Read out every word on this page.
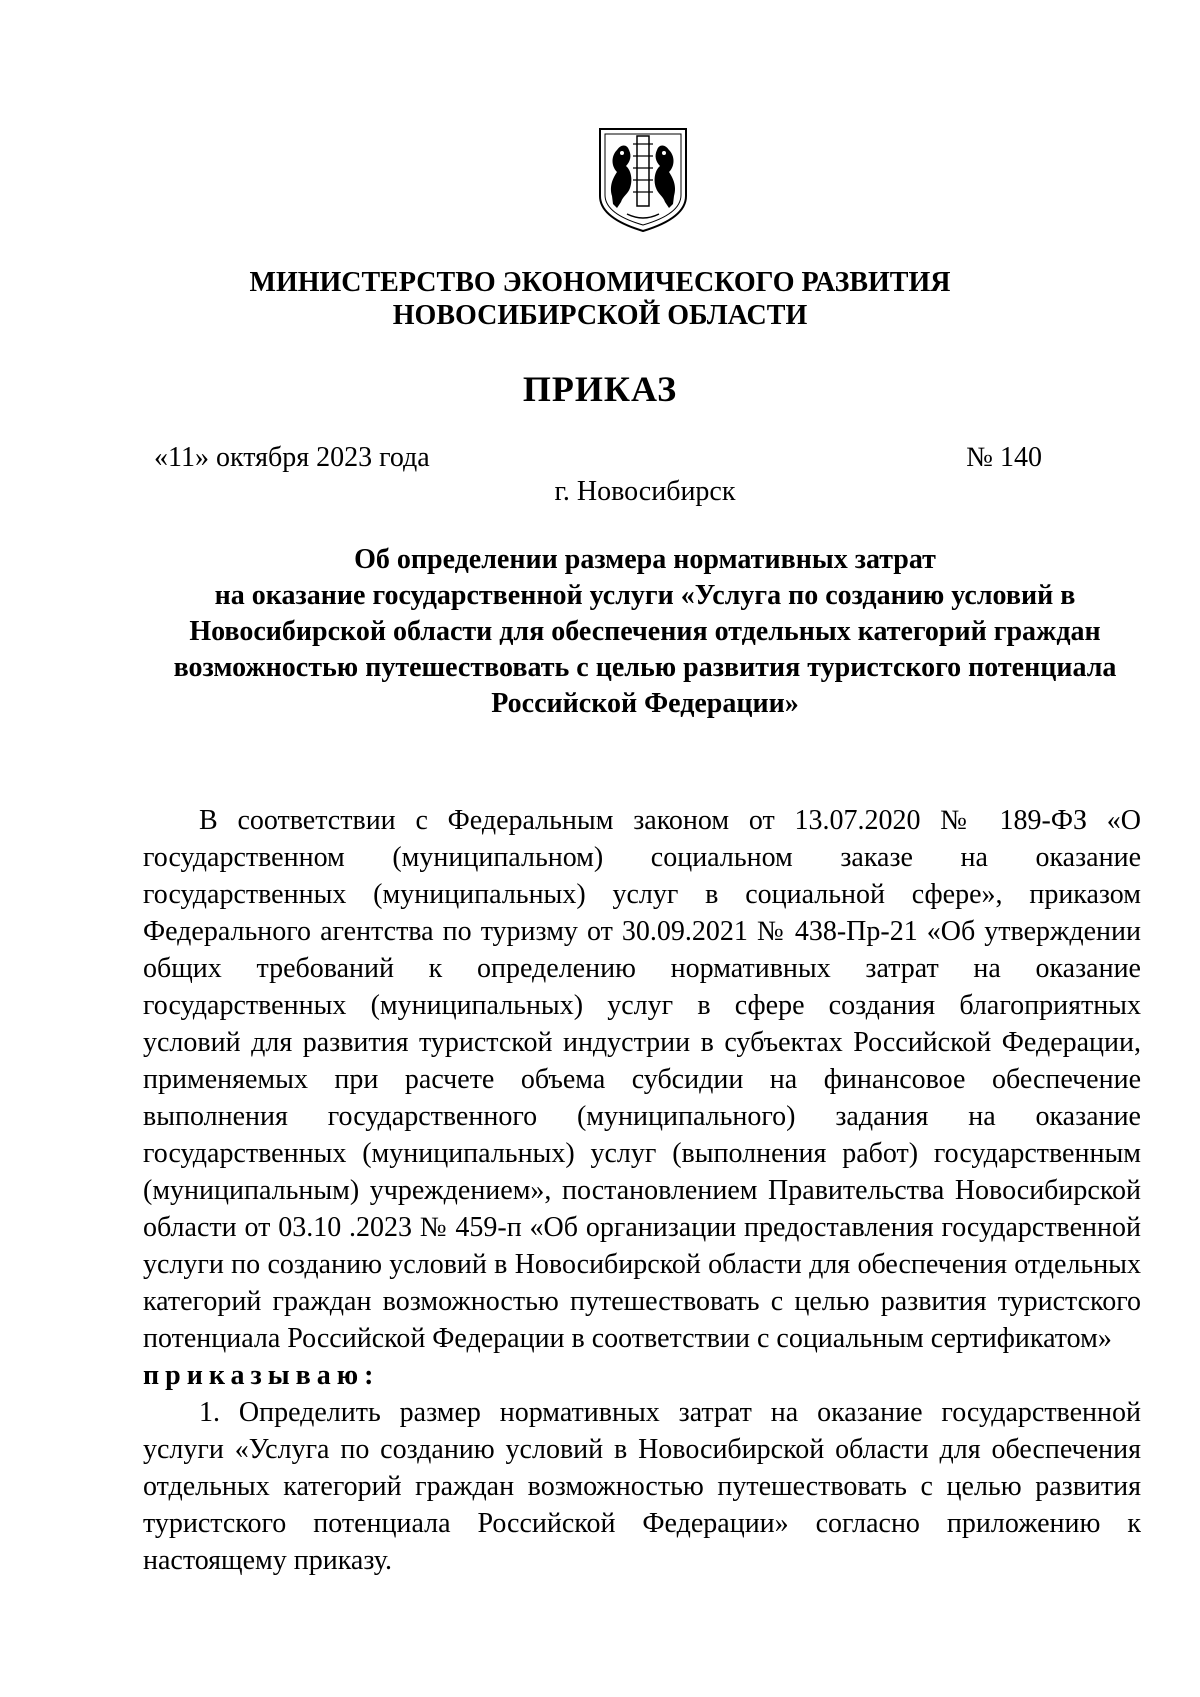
МИНИСТЕРСТВО ЭКОНОМИЧЕСКОГО РАЗВИТИЯ
НОВОСИБИРСКОЙ ОБЛАСТИ
ПРИКАЗ
«11» октября 2023 года	№ 140
г. Новосибирск
Об определении размера нормативных затрат
на оказание государственной услуги «Услуга по созданию условий в
Новосибирской области для обеспечения отдельных категорий граждан
возможностью путешествовать с целью развития туристского потенциала
Российской Федерации»

В соответствии с Федеральным законом от 13.07.2020 № 189-ФЗ «О государственном (муниципальном) социальном заказе на оказание государственных (муниципальных) услуг в социальной сфере», приказом Федерального агентства по туризму от 30.09.2021 № 438-Пр-21 «Об утверждении общих требований к определению нормативных затрат на оказание государственных (муниципальных) услуг в сфере создания благоприятных условий для развития туристской индустрии в субъектах Российской Федерации, применяемых при расчете объема субсидии на финансовое обеспечение выполнения государственного (муниципального) задания на оказание государственных (муниципальных) услуг (выполнения работ) государственным (муниципальным) учреждением», постановлением Правительства Новосибирской области от 03.10 .2023 № 459-п «Об организации предоставления государственной услуги по созданию условий в Новосибирской области для обеспечения отдельных категорий граждан возможностью путешествовать с целью развития туристского потенциала Российской Федерации в соответствии с социальным сертификатом»

приказываю:

1. Определить размер нормативных затрат на оказание государственной услуги «Услуга по созданию условий в Новосибирской области для обеспечения отдельных категорий граждан возможностью путешествовать с целью развития туристского потенциала Российской Федерации» согласно приложению к настоящему приказу.
